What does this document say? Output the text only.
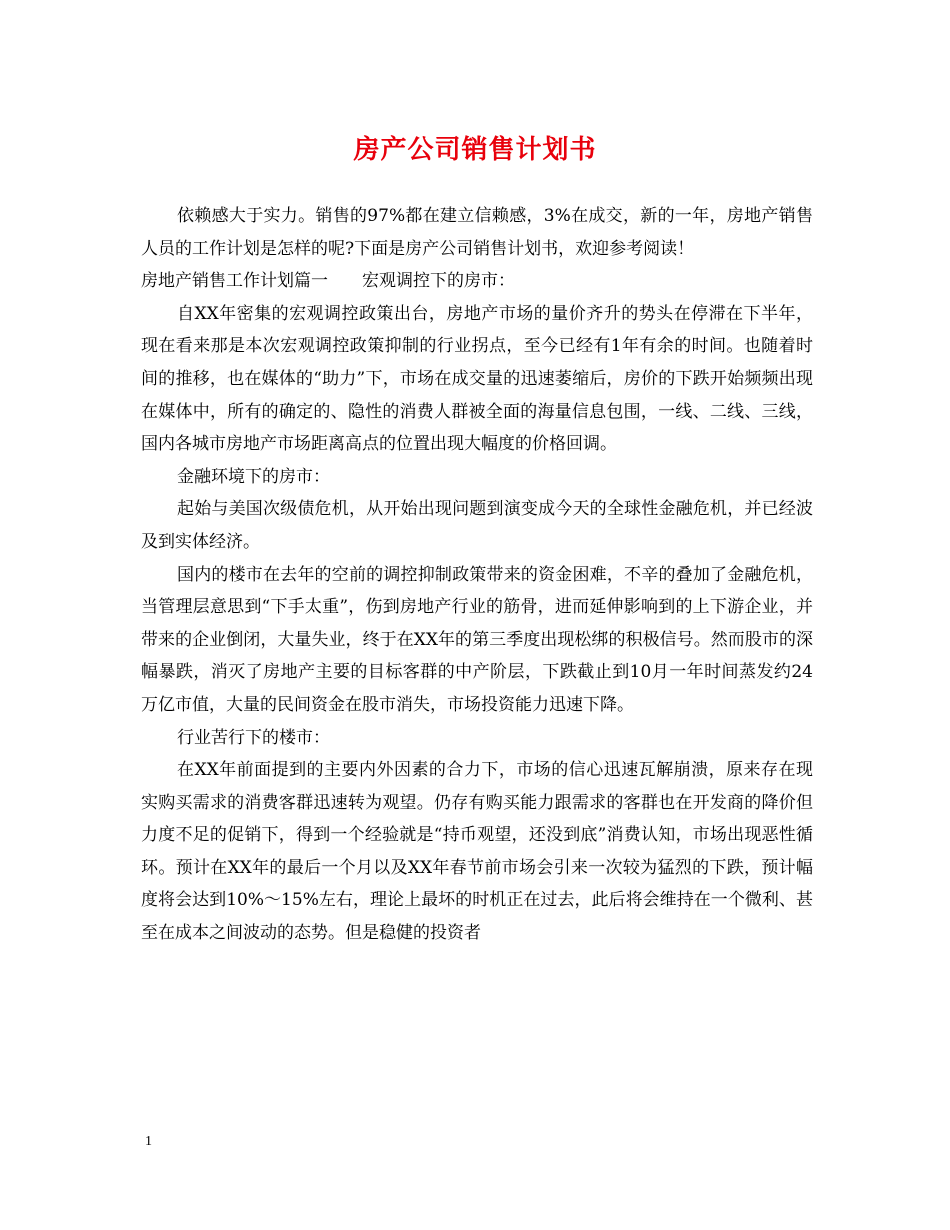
房产公司销售计划书

依赖感大于实力。销售的97%都在建立信赖感，3%在成交，新的一年，房地产销售人员的工作计划是怎样的呢?下面是房产公司销售计划书，欢迎参考阅读！

房地产销售工作计划篇一　　宏观调控下的房市：

自XX年密集的宏观调控政策出台，房地产市场的量价齐升的势头在停滞在下半年，现在看来那是本次宏观调控政策抑制的行业拐点，至今已经有1年有余的时间。也随着时间的推移，也在媒体的“助力”下，市场在成交量的迅速萎缩后，房价的下跌开始频频出现在媒体中，所有的确定的、隐性的消费人群被全面的海量信息包围，一线、二线、三线，国内各城市房地产市场距离高点的位置出现大幅度的价格回调。

金融环境下的房市：

起始与美国次级债危机，从开始出现问题到演变成今天的全球性金融危机，并已经波及到实体经济。

国内的楼市在去年的空前的调控抑制政策带来的资金困难，不辛的叠加了金融危机，当管理层意思到“下手太重”，伤到房地产行业的筋骨，进而延伸影响到的上下游企业，并带来的企业倒闭，大量失业，终于在XX年的第三季度出现松绑的积极信号。然而股市的深幅暴跌，消灭了房地产主要的目标客群的中产阶层，下跌截止到10月一年时间蒸发约24万亿市值，大量的民间资金在股市消失，市场投资能力迅速下降。

行业苦行下的楼市：

在XX年前面提到的主要内外因素的合力下，市场的信心迅速瓦解崩溃，原来存在现实购买需求的消费客群迅速转为观望。仍存有购买能力跟需求的客群也在开发商的降价但力度不足的促销下，得到一个经验就是“持币观望，还没到底”消费认知，市场出现恶性循环。预计在XX年的最后一个月以及XX年春节前市场会引来一次较为猛烈的下跌，预计幅度将会达到10%～15%左右，理论上最坏的时机正在过去，此后将会维持在一个微利、甚至在成本之间波动的态势。但是稳健的投资者

1
